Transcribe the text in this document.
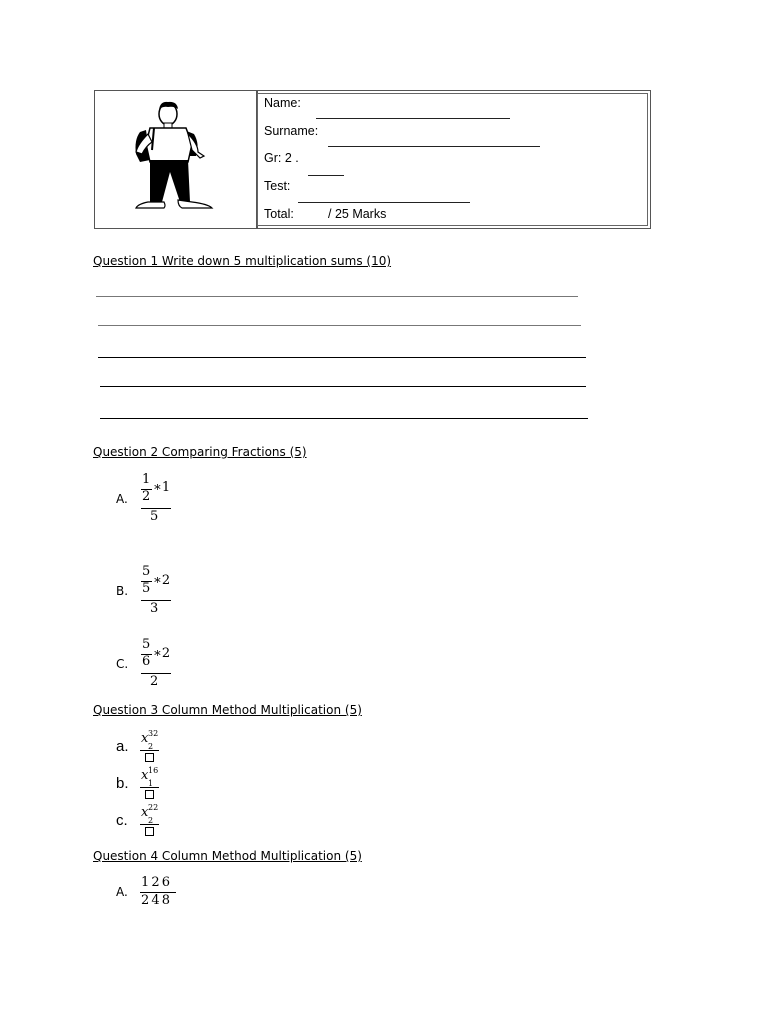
Name:
Surname:
Gr: 2 .
Test:
Total:	/ 25 Marks
Question 1 Write down 5 multiplication sums (10)
Question 2 Comparing Fractions (5)
A.
1
2
∗1
5
B.
5
5
∗2
3
C.
5
6
∗2
2
Question 3 Column Method Multiplication (5)
a. x
2
32
b. x
1
16
c. x
2
22
Question 4 Column Method Multiplication (5)
A.
1 2 6
2 4 8
